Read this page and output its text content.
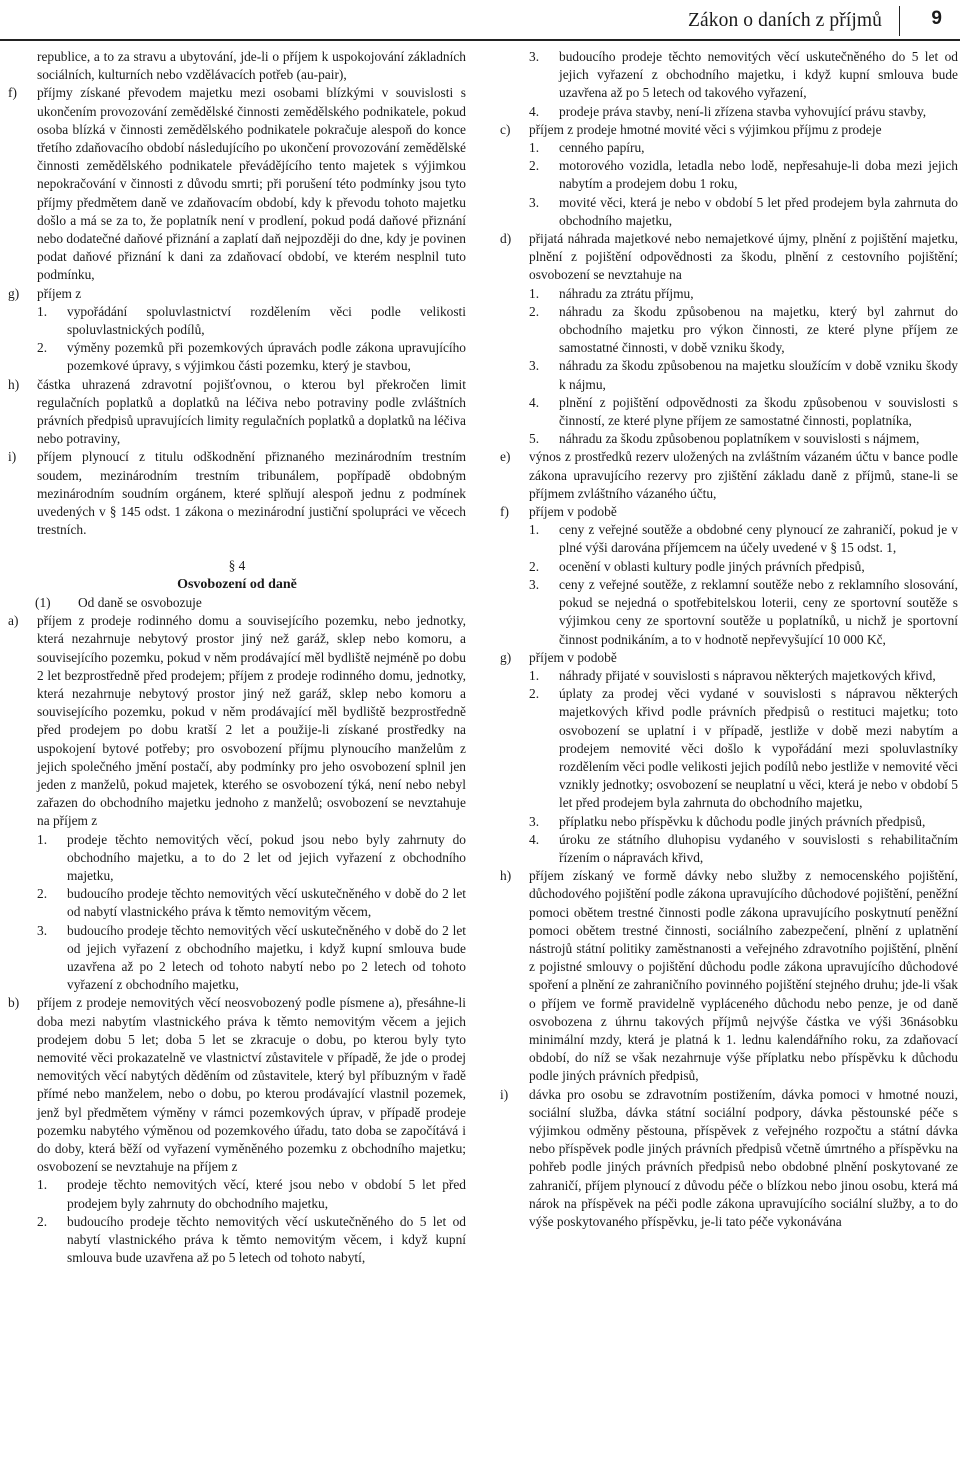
Zákon o daních z příjmů	9
republice, a to za stravu a ubytování, jde-li o příjem k uspokojování základních sociálních, kulturních nebo vzdělávacích potřeb (au-pair),
f) příjmy získané převodem majetku mezi osobami blízkými v souvislosti s ukončením provozování zemědělské činnosti zemědělského podnikatele, pokud osoba blízká v činnosti zemědělského podnikatele pokračuje alespoň do konce třetího zdaňovacího období následujícího po ukončení provozování zemědělské činnosti zemědělského podnikatele převádějícího tento majetek s výjimkou nepokračování v činnosti z důvodu smrti; při porušení této podmínky jsou tyto příjmy předmětem daně ve zdaňovacím období, kdy k převodu tohoto majetku došlo a má se za to, že poplatník není v prodlení, pokud podá daňové přiznání nebo dodatečné daňové přiznání a zaplatí daň nejpozději do dne, kdy je povinen podat daňové přiznání k dani za zdaňovací období, ve kterém nesplnil tuto podmínku,
g) příjem z
1. vypořádání spoluvlastnictví rozdělením věci podle velikosti spoluvlastnických podílů,
2. výměny pozemků při pozemkových úpravách podle zákona upravujícího pozemkové úpravy, s výjimkou části pozemku, který je stavbou,
h) částka uhrazená zdravotní pojišťovnou, o kterou byl překročen limit regulačních poplatků a doplatků na léčiva nebo potraviny podle zvláštních právních předpisů upravujících limity regulačních poplatků a doplatků na léčiva nebo potraviny,
i) příjem plynoucí z titulu odškodnění přiznaného mezinárodním trestním soudem, mezinárodním trestním tribunálem, popřípadě obdobným mezinárodním soudním orgánem, které splňují alespoň jednu z podmínek uvedených v § 145 odst. 1 zákona o mezinárodní justiční spolupráci ve věcech trestních.
§ 4
Osvobození od daně
(1) Od daně se osvobozuje
a) příjem z prodeje rodinného domu a souvisejícího pozemku, nebo jednotky, která nezahrnuje nebytový prostor jiný než garáž, sklep nebo komoru, a souvisejícího pozemku, pokud v něm prodávající měl bydliště nejméně po dobu 2 let bezprostředně před prodejem; příjem z prodeje rodinného domu, jednotky, která nezahrnuje nebytový prostor jiný než garáž, sklep nebo komoru a souvisejícího pozemku, pokud v něm prodávající měl bydliště bezprostředně před prodejem po dobu kratší 2 let a použije-li získané prostředky na uspokojení bytové potřeby; pro osvobození příjmu plynoucího manželům z jejich společného jmění postačí, aby podmínky pro jeho osvobození splnil jen jeden z manželů, pokud majetek, kterého se osvobození týká, není nebo nebyl zařazen do obchodního majetku jednoho z manželů; osvobození se nevztahuje na příjem z
1. prodeje těchto nemovitých věcí, pokud jsou nebo byly zahrnuty do obchodního majetku, a to do 2 let od jejich vyřazení z obchodního majetku,
2. budoucího prodeje těchto nemovitých věcí uskutečněného v době do 2 let od nabytí vlastnického práva k těmto nemovitým věcem,
3. budoucího prodeje těchto nemovitých věcí uskutečněného v době do 2 let od jejich vyřazení z obchodního majetku, i když kupní smlouva bude uzavřena až po 2 letech od tohoto nabytí nebo po 2 letech od tohoto vyřazení z obchodního majetku,
b) příjem z prodeje nemovitých věcí neosvobozený podle písmene a), přesáhne-li doba mezi nabytím vlastnického práva k těmto nemovitým věcem a jejich prodejem dobu 5 let; doba 5 let se zkracuje o dobu, po kterou byly tyto nemovité věci prokazatelně ve vlastnictví zůstavitele v případě, že jde o prodej nemovitých věcí nabytých děděním od zůstavitele, který byl příbuzným v řadě přímé nebo manželem, nebo o dobu, po kterou prodávající vlastnil pozemek, jenž byl předmětem výměny v rámci pozemkových úprav, v případě prodeje pozemku nabytého výměnou od pozemkového úřadu, tato doba se započítává i do doby, která běží od vyřazení vyměněného pozemku z obchodního majetku; osvobození se nevztahuje na příjem z
1. prodeje těchto nemovitých věcí, které jsou nebo v období 5 let před prodejem byly zahrnuty do obchodního majetku,
2. budoucího prodeje těchto nemovitých věcí uskutečněného do 5 let od nabytí vlastnického práva k těmto nemovitým věcem, i když kupní smlouva bude uzavřena až po 5 letech od tohoto nabytí,
3. budoucího prodeje těchto nemovitých věcí uskutečněného do 5 let od jejich vyřazení z obchodního majetku, i když kupní smlouva bude uzavřena až po 5 letech od takového vyřazení,
4. prodeje práva stavby, není-li zřízena stavba vyhovující právu stavby,
c) příjem z prodeje hmotné movité věci s výjimkou příjmu z prodeje
1. cenného papíru,
2. motorového vozidla, letadla nebo lodě, nepřesahuje-li doba mezi jejich nabytím a prodejem dobu 1 roku,
3. movité věci, která je nebo v období 5 let před prodejem byla zahrnuta do obchodního majetku,
d) přijatá náhrada majetkové nebo nemajetkové újmy, plnění z pojištění majetku, plnění z pojištění odpovědnosti za škodu, plnění z cestovního pojištění; osvobození se nevztahuje na
1. náhradu za ztrátu příjmu,
2. náhradu za škodu způsobenou na majetku, který byl zahrnut do obchodního majetku pro výkon činnosti, ze které plyne příjem ze samostatné činnosti, v době vzniku škody,
3. náhradu za škodu způsobenou na majetku sloužícím v době vzniku škody k nájmu,
4. plnění z pojištění odpovědnosti za škodu způsobenou v souvislosti s činností, ze které plyne příjem ze samostatné činnosti, poplatníka,
5. náhradu za škodu způsobenou poplatníkem v souvislosti s nájmem,
e) výnos z prostředků rezerv uložených na zvláštním vázaném účtu v bance podle zákona upravujícího rezervy pro zjištění základu daně z příjmů, stane-li se příjmem zvláštního vázaného účtu,
f) příjem v podobě
1. ceny z veřejné soutěže a obdobné ceny plynoucí ze zahraničí, pokud je v plné výši darována příjemcem na účely uvedené v § 15 odst. 1,
2. ocenění v oblasti kultury podle jiných právních předpisů,
3. ceny z veřejné soutěže, z reklamní soutěže nebo z reklamního slosování, pokud se nejedná o spotřebitelskou loterii, ceny ze sportovní soutěže s výjimkou ceny ze sportovní soutěže u poplatníků, u nichž je sportovní činnost podnikáním, a to v hodnotě nepřevyšující 10 000 Kč,
g) příjem v podobě
1. náhrady přijaté v souvislosti s nápravou některých majetkových křivd,
2. úplaty za prodej věci vydané v souvislosti s nápravou některých majetkových křivd podle právních předpisů o restituci majetku; toto osvobození se uplatní i v případě, jestliže v době mezi nabytím a prodejem nemovité věci došlo k vypořádání mezi spoluvlastníky rozdělením věci podle velikosti jejich podílů nebo jestliže v nemovité věci vznikly jednotky; osvobození se neuplatní u věci, která je nebo v období 5 let před prodejem byla zahrnuta do obchodního majetku,
3. příplatku nebo příspěvku k důchodu podle jiných právních předpisů,
4. úroku ze státního dluhopisu vydaného v souvislosti s rehabilitačním řízením o nápravách křivd,
h) příjem získaný ve formě dávky nebo služby z nemocenského pojištění, důchodového pojištění podle zákona upravujícího důchodové pojištění, peněžní pomoci obětem trestné činnosti podle zákona upravujícího poskytnutí peněžní pomoci obětem trestné činnosti, sociálního zabezpečení, plnění z uplatnění nástrojů státní politiky zaměstnanosti a veřejného zdravotního pojištění, plnění z pojistné smlouvy o pojištění důchodu podle zákona upravujícího důchodové spoření a plnění ze zahraničního povinného pojištění stejného druhu; jde-li však o příjem ve formě pravidelně vypláceného důchodu nebo penze, je od daně osvobozena z úhrnu takových příjmů nejvýše částka ve výši 36násobku minimální mzdy, která je platná k 1. lednu kalendářního roku, za zdaňovací období, do níž se však nezahrnuje výše příplatku nebo příspěvku k důchodu podle jiných právních předpisů,
i) dávka pro osobu se zdravotním postižením, dávka pomoci v hmotné nouzi, sociální služba, dávka státní sociální podpory, dávka pěstounské péče s výjimkou odměny pěstouna, příspěvek z veřejného rozpočtu a státní dávka nebo příspěvek podle jiných právních předpisů včetně úmrtného a příspěvku na pohřeb podle jiných právních předpisů nebo obdobné plnění poskytované ze zahraničí, příjem plynoucí z důvodu péče o blízkou nebo jinou osobu, která má nárok na příspěvek na péči podle zákona upravujícího sociální služby, a to do výše poskytovaného příspěvku, je-li tato péče vykonávána
